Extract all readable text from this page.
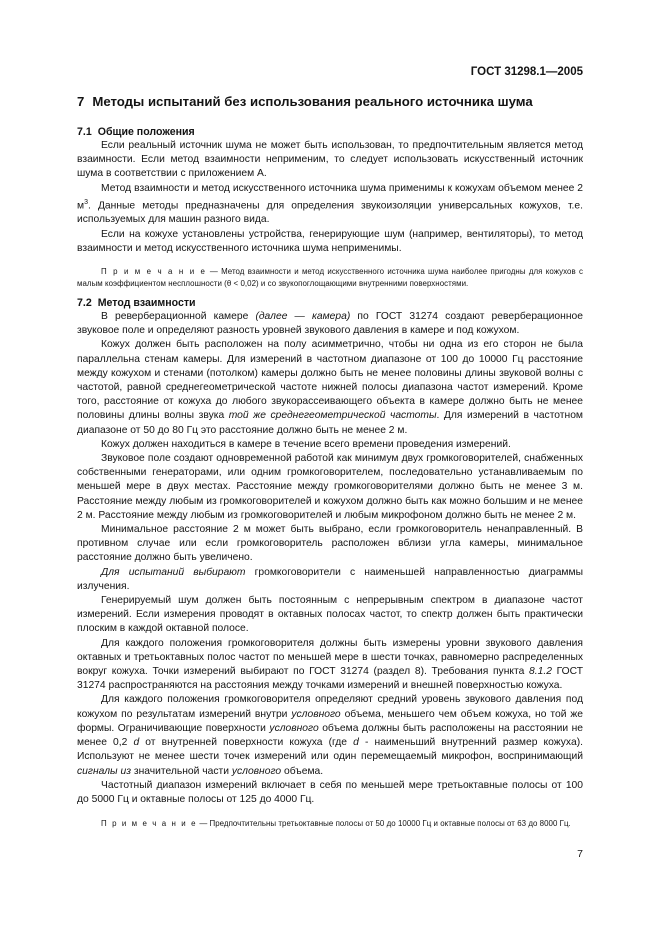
ГОСТ 31298.1—2005
7 Методы испытаний без использования реального источника шума
7.1 Общие положения

Если реальный источник шума не может быть использован, то предпочтительным является метод взаимности. Если метод взаимности неприменим, то следует использовать искусственный источник шума в соответствии с приложением А.

Метод взаимности и метод искусственного источника шума применимы к кожухам объемом менее 2 $м^3$. Данные методы предназначены для определения звукоизоляции универсальных кожухов, т.е. используемых для машин разного вида.

Если на кожухе установлены устройства, генерирующие шум (например, вентиляторы), то метод взаимности и метод искусственного источника шума неприменимы.

П р и м е ч а н и е — Метод взаимности и метод искусственного источника шума наиболее пригодны для кожухов с малым коэффициентом несплошности (θ < 0,02) и со звукопоглощающими внутренними поверхностями.
7.2 Метод взаимности

В реверберационной камере (далее — камера) по ГОСТ 31274 создают реверберационное звуковое поле и определяют разность уровней звукового давления в камере и под кожухом.

Кожух должен быть расположен на полу асимметрично, чтобы ни одна из его сторон не была параллельна стенам камеры. Для измерений в частотном диапазоне от 100 до 10000 Гц расстояние между кожухом и стенами (потолком) камеры должно быть не менее половины длины звуковой волны с частотой, равной среднегеометрической частоте нижней полосы диапазона частот измерений. Кроме того, расстояние от кожуха до любого звукорассеивающего объекта в камере должно быть не менее половины длины волны звука той же среднегеометрической частоты. Для измерений в частотном диапазоне от 50 до 80 Гц это расстояние должно быть не менее 2 м.

Кожух должен находиться в камере в течение всего времени проведения измерений.

Звуковое поле создают одновременной работой как минимум двух громкоговорителей, снабженных собственными генераторами, или одним громкоговорителем, последовательно устанавливаемым по меньшей мере в двух местах. Расстояние между громкоговорителями должно быть не менее 3 м. Расстояние между любым из громкоговорителей и кожухом должно быть как можно большим и не менее 2 м. Расстояние между любым из громкоговорителей и любым микрофоном должно быть не менее 2 м.

Минимальное расстояние 2 м может быть выбрано, если громкоговоритель ненаправленный. В противном случае или если громкоговоритель расположен вблизи угла камеры, минимальное расстояние должно быть увеличено.

Для испытаний выбирают громкоговорители с наименьшей направленностью диаграммы излучения.

Генерируемый шум должен быть постоянным с непрерывным спектром в диапазоне частот измерений. Если измерения проводят в октавных полосах частот, то спектр должен быть практически плоским в каждой октавной полосе.

Для каждого положения громкоговорителя должны быть измерены уровни звукового давления октавных и третьоктавных полос частот по меньшей мере в шести точках, равномерно распределенных вокруг кожуха. Точки измерений выбирают по ГОСТ 31274 (раздел 8). Требования пункта 8.1.2 ГОСТ 31274 распространяются на расстояния между точками измерений и внешней поверхностью кожуха.

Для каждого положения громкоговорителя определяют средний уровень звукового давления под кожухом по результатам измерений внутри условного объема, меньшего чем объем кожуха, но той же формы. Ограничивающие поверхности условного объема должны быть расположены на расстоянии не менее 0,2 d от внутренней поверхности кожуха (где d - наименьший внутренний размер кожуха). Используют не менее шести точек измерений или один перемещаемый микрофон, воспринимающий сигналы из значительной части условного объема.

Частотный диапазон измерений включает в себя по меньшей мере третьоктавные полосы от 100 до 5000 Гц и октавные полосы от 125 до 4000 Гц.

П р и м е ч а н и е — Предпочтительны третьоктавные полосы от 50 до 10000 Гц и октавные полосы от 63 до 8000 Гц.
7
